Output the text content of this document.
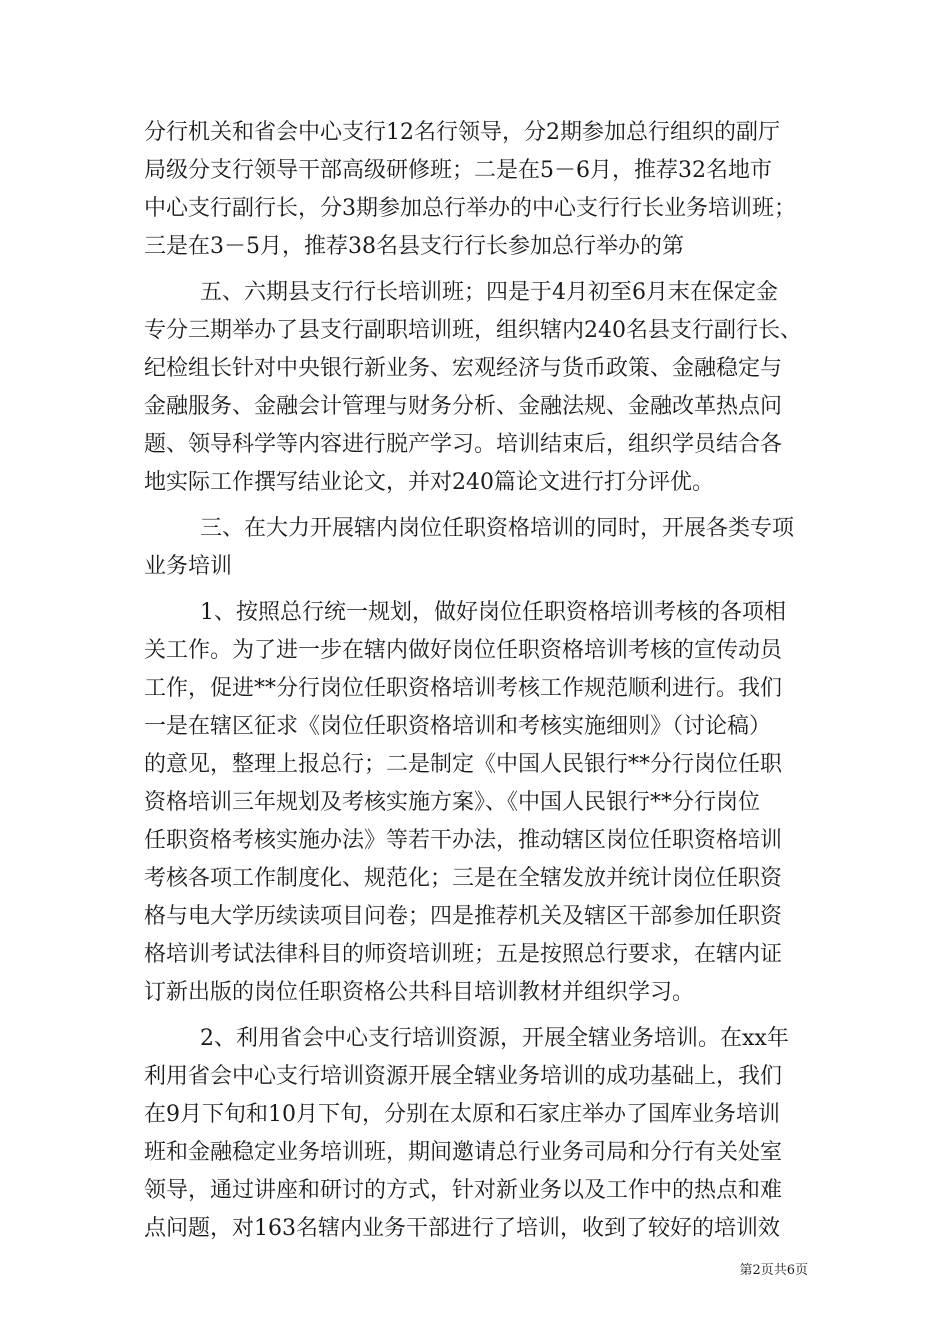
分行机关和省会中心支行12名行领导，分2期参加总行组织的副厅
局级分支行领导干部高级研修班；二是在5－6月，推荐32名地市
中心支行副行长，分3期参加总行举办的中心支行行长业务培训班；
三是在3－5月，推荐38名县支行行长参加总行举办的第
五、六期县支行行长培训班；四是于4月初至6月末在保定金
专分三期举办了县支行副职培训班，组织辖内240名县支行副行长、
纪检组长针对中央银行新业务、宏观经济与货币政策、金融稳定与
金融服务、金融会计管理与财务分析、金融法规、金融改革热点问
题、领导科学等内容进行脱产学习。培训结束后，组织学员结合各
地实际工作撰写结业论文，并对240篇论文进行打分评优。
三、在大力开展辖内岗位任职资格培训的同时，开展各类专项
业务培训
1、按照总行统一规划，做好岗位任职资格培训考核的各项相
关工作。为了进一步在辖内做好岗位任职资格培训考核的宣传动员
工作，促进**分行岗位任职资格培训考核工作规范顺利进行。我们
一是在辖区征求《岗位任职资格培训和考核实施细则》（讨论稿）
的意见，整理上报总行；二是制定《中国人民银行**分行岗位任职
资格培训三年规划及考核实施方案》、《中国人民银行**分行岗位
任职资格考核实施办法》等若干办法，推动辖区岗位任职资格培训
考核各项工作制度化、规范化；三是在全辖发放并统计岗位任职资
格与电大学历续读项目问卷；四是推荐机关及辖区干部参加任职资
格培训考试法律科目的师资培训班；五是按照总行要求，在辖内证
订新出版的岗位任职资格公共科目培训教材并组织学习。
2、利用省会中心支行培训资源，开展全辖业务培训。在xx年
利用省会中心支行培训资源开展全辖业务培训的成功基础上，我们
在9月下旬和10月下旬，分别在太原和石家庄举办了国库业务培训
班和金融稳定业务培训班，期间邀请总行业务司局和分行有关处室
领导，通过讲座和研讨的方式，针对新业务以及工作中的热点和难
点问题，对163名辖内业务干部进行了培训，收到了较好的培训效
第2页共6页
